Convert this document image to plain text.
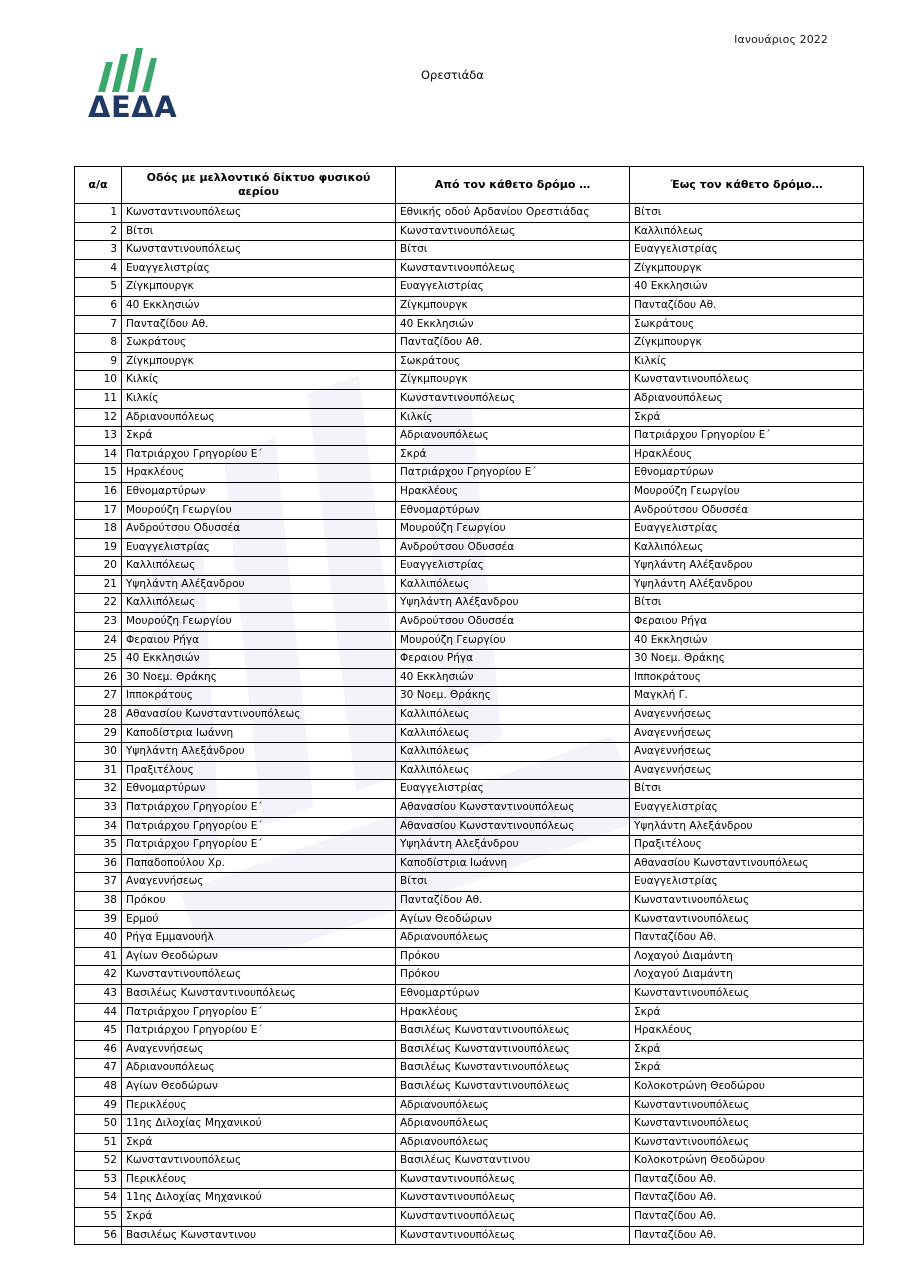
Ιανουάριος 2022
ΔΕΔΑ
Ορεστιάδα
α/α	Οδός με μελλοντικό δίκτυο φυσικού αερίου	Από τον κάθετο δρόμο …	Έως τον κάθετο δρόμο…
1	Κωνσταντινουπόλεως	Εθνικής οδού Αρδανίου Ορεστιάδας	Βίτσι
2	Βίτσι	Κωνσταντινουπόλεως	Καλλιπόλεως
3	Κωνσταντινουπόλεως	Βίτσι	Ευαγγελιστρίας
4	Ευαγγελιστρίας	Κωνσταντινουπόλεως	Ζίγκμπουργκ
5	Ζίγκμπουργκ	Ευαγγελιστρίας	40 Εκκλησιών
6	40 Εκκλησιών	Ζίγκμπουργκ	Πανταζίδου Αθ.
7	Πανταζίδου Αθ.	40 Εκκλησιών	Σωκράτους
8	Σωκράτους	Πανταζίδου Αθ.	Ζίγκμπουργκ
9	Ζίγκμπουργκ	Σωκράτους	Κιλκίς
10	Κιλκίς	Ζίγκμπουργκ	Κωνσταντινουπόλεως
11	Κιλκίς	Κωνσταντινουπόλεως	Αδριανουπόλεως
12	Αδριανουπόλεως	Κιλκίς	Σκρά
13	Σκρά	Αδριανουπόλεως	Πατριάρχου Γρηγορίου Ε΄
14	Πατριάρχου Γρηγορίου Ε΄	Σκρά	Ηρακλέους
15	Ηρακλέους	Πατριάρχου Γρηγορίου Ε΄	Εθνομαρτύρων
16	Εθνομαρτύρων	Ηρακλέους	Μουρούζη Γεωργίου
17	Μουρούζη Γεωργίου	Εθνομαρτύρων	Ανδρούτσου Οδυσσέα
18	Ανδρούτσου Οδυσσέα	Μουρούζη Γεωργίου	Ευαγγελιστρίας
19	Ευαγγελιστρίας	Ανδρούτσου Οδυσσέα	Καλλιπόλεως
20	Καλλιπόλεως	Ευαγγελιστρίας	Υψηλάντη Αλέξανδρου
21	Υψηλάντη Αλέξανδρου	Καλλιπόλεως	Υψηλάντη Αλέξανδρου
22	Καλλιπόλεως	Υψηλάντη Αλέξανδρου	Βίτσι
23	Μουρούζη Γεωργίου	Ανδρούτσου Οδυσσέα	Φεραιου Ρήγα
24	Φεραιου Ρήγα	Μουρούζη Γεωργίου	40 Εκκλησιών
25	40 Εκκλησιών	Φεραιου Ρήγα	30 Νοεμ. Θράκης
26	30 Νοεμ. Θράκης	40 Εκκλησιών	Ιπποκράτους
27	Ιπποκράτους	30 Νοεμ. Θράκης	Μαγκλή Γ.
28	Αθανασίου Κωνσταντινουπόλεως	Καλλιπόλεως	Αναγεννήσεως
29	Καποδίστρια Ιωάννη	Καλλιπόλεως	Αναγεννήσεως
30	Υψηλάντη Αλεξάνδρου	Καλλιπόλεως	Αναγεννήσεως
31	Πραξιτέλους	Καλλιπόλεως	Αναγεννήσεως
32	Εθνομαρτύρων	Ευαγγελιστρίας	Βίτσι
33	Πατριάρχου Γρηγορίου Ε΄	Αθανασίου Κωνσταντινουπόλεως	Ευαγγελιστρίας
34	Πατριάρχου Γρηγορίου Ε΄	Αθανασίου Κωνσταντινουπόλεως	Υψηλάντη Αλεξάνδρου
35	Πατριάρχου Γρηγορίου Ε΄	Υψηλάντη Αλεξάνδρου	Πραξιτέλους
36	Παπαδοπούλου Χρ.	Καποδίστρια Ιωάννη	Αθανασίου Κωνσταντινουπόλεως
37	Αναγεννήσεως	Βίτσι	Ευαγγελιστρίας
38	Πρόκου	Πανταζίδου Αθ.	Κωνσταντινουπόλεως
39	Ερμού	Αγίων Θεοδώρων	Κωνσταντινουπόλεως
40	Ρήγα Εμμανουήλ	Αδριανουπόλεως	Πανταζίδου Αθ.
41	Αγίων Θεοδώρων	Πρόκου	Λοχαγού Διαμάντη
42	Κωνσταντινουπόλεως	Πρόκου	Λοχαγού Διαμάντη
43	Βασιλέως Κωνσταντινουπόλεως	Εθνομαρτύρων	Κωνσταντινουπόλεως
44	Πατριάρχου Γρηγορίου Ε΄	Ηρακλέους	Σκρά
45	Πατριάρχου Γρηγορίου Ε΄	Βασιλέως Κωνσταντινουπόλεως	Ηρακλέους
46	Αναγεννήσεως	Βασιλέως Κωνσταντινουπόλεως	Σκρά
47	Αδριανουπόλεως	Βασιλέως Κωνσταντινουπόλεως	Σκρά
48	Αγίων Θεοδώρων	Βασιλέως Κωνσταντινουπόλεως	Κολοκοτρώνη Θεοδώρου
49	Περικλέους	Αδριανουπόλεως	Κωνσταντινουπόλεως
50	11ης Διλοχίας Μηχανικού	Αδριανουπόλεως	Κωνσταντινουπόλεως
51	Σκρά	Αδριανουπόλεως	Κωνσταντινουπόλεως
52	Κωνσταντινουπόλεως	Βασιλέως Κωνσταντινου	Κολοκοτρώνη Θεοδώρου
53	Περικλέους	Κωνσταντινουπόλεως	Πανταζίδου Αθ.
54	11ης Διλοχίας Μηχανικού	Κωνσταντινουπόλεως	Πανταζίδου Αθ.
55	Σκρά	Κωνσταντινουπόλεως	Πανταζίδου Αθ.
56	Βασιλέως Κωνσταντινου	Κωνσταντινουπόλεως	Πανταζίδου Αθ.
